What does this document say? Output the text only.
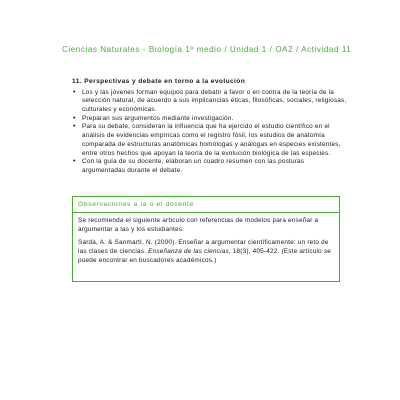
Ciencias Naturales - Biología 1º medio / Unidad 1 / OA2 / Actividad 11
11. Perspectivas y debate en torno a la evolución
• Los y las jóvenes forman equipos para debatir a favor o en contra de la teoría de la selección natural, de acuerdo a sus implicancias éticas, filosóficas, sociales, religiosas, culturales y económicas.
• Preparan sus argumentos mediante investigación.
• Para su debate, consideran la influencia que ha ejercido el estudio científico en el análisis de evidencias empíricas como el registro fósil, los estudios de anatomía comparada de estructuras anatómicas homólogas y análogas en especies existentes, entre otros hechos que apoyan la teoría de la evolución biológica de las especies.
• Con la guía de su docente, elaboran un cuadro resumen con las posturas argumentadas durante el debate.
Observaciones a la o el docente

Se recomienda el siguiente artículo con referencias de modelos para enseñar a argumentar a las y los estudiantes:

Sardà, A. & Sanmartí, N. (2000). Enseñar a argumentar científicamente: un reto de las clases de ciencias. Enseñanza de las ciencias, 18(3), 405-422. (Este artículo se puede encontrar en buscadores académicos.)
